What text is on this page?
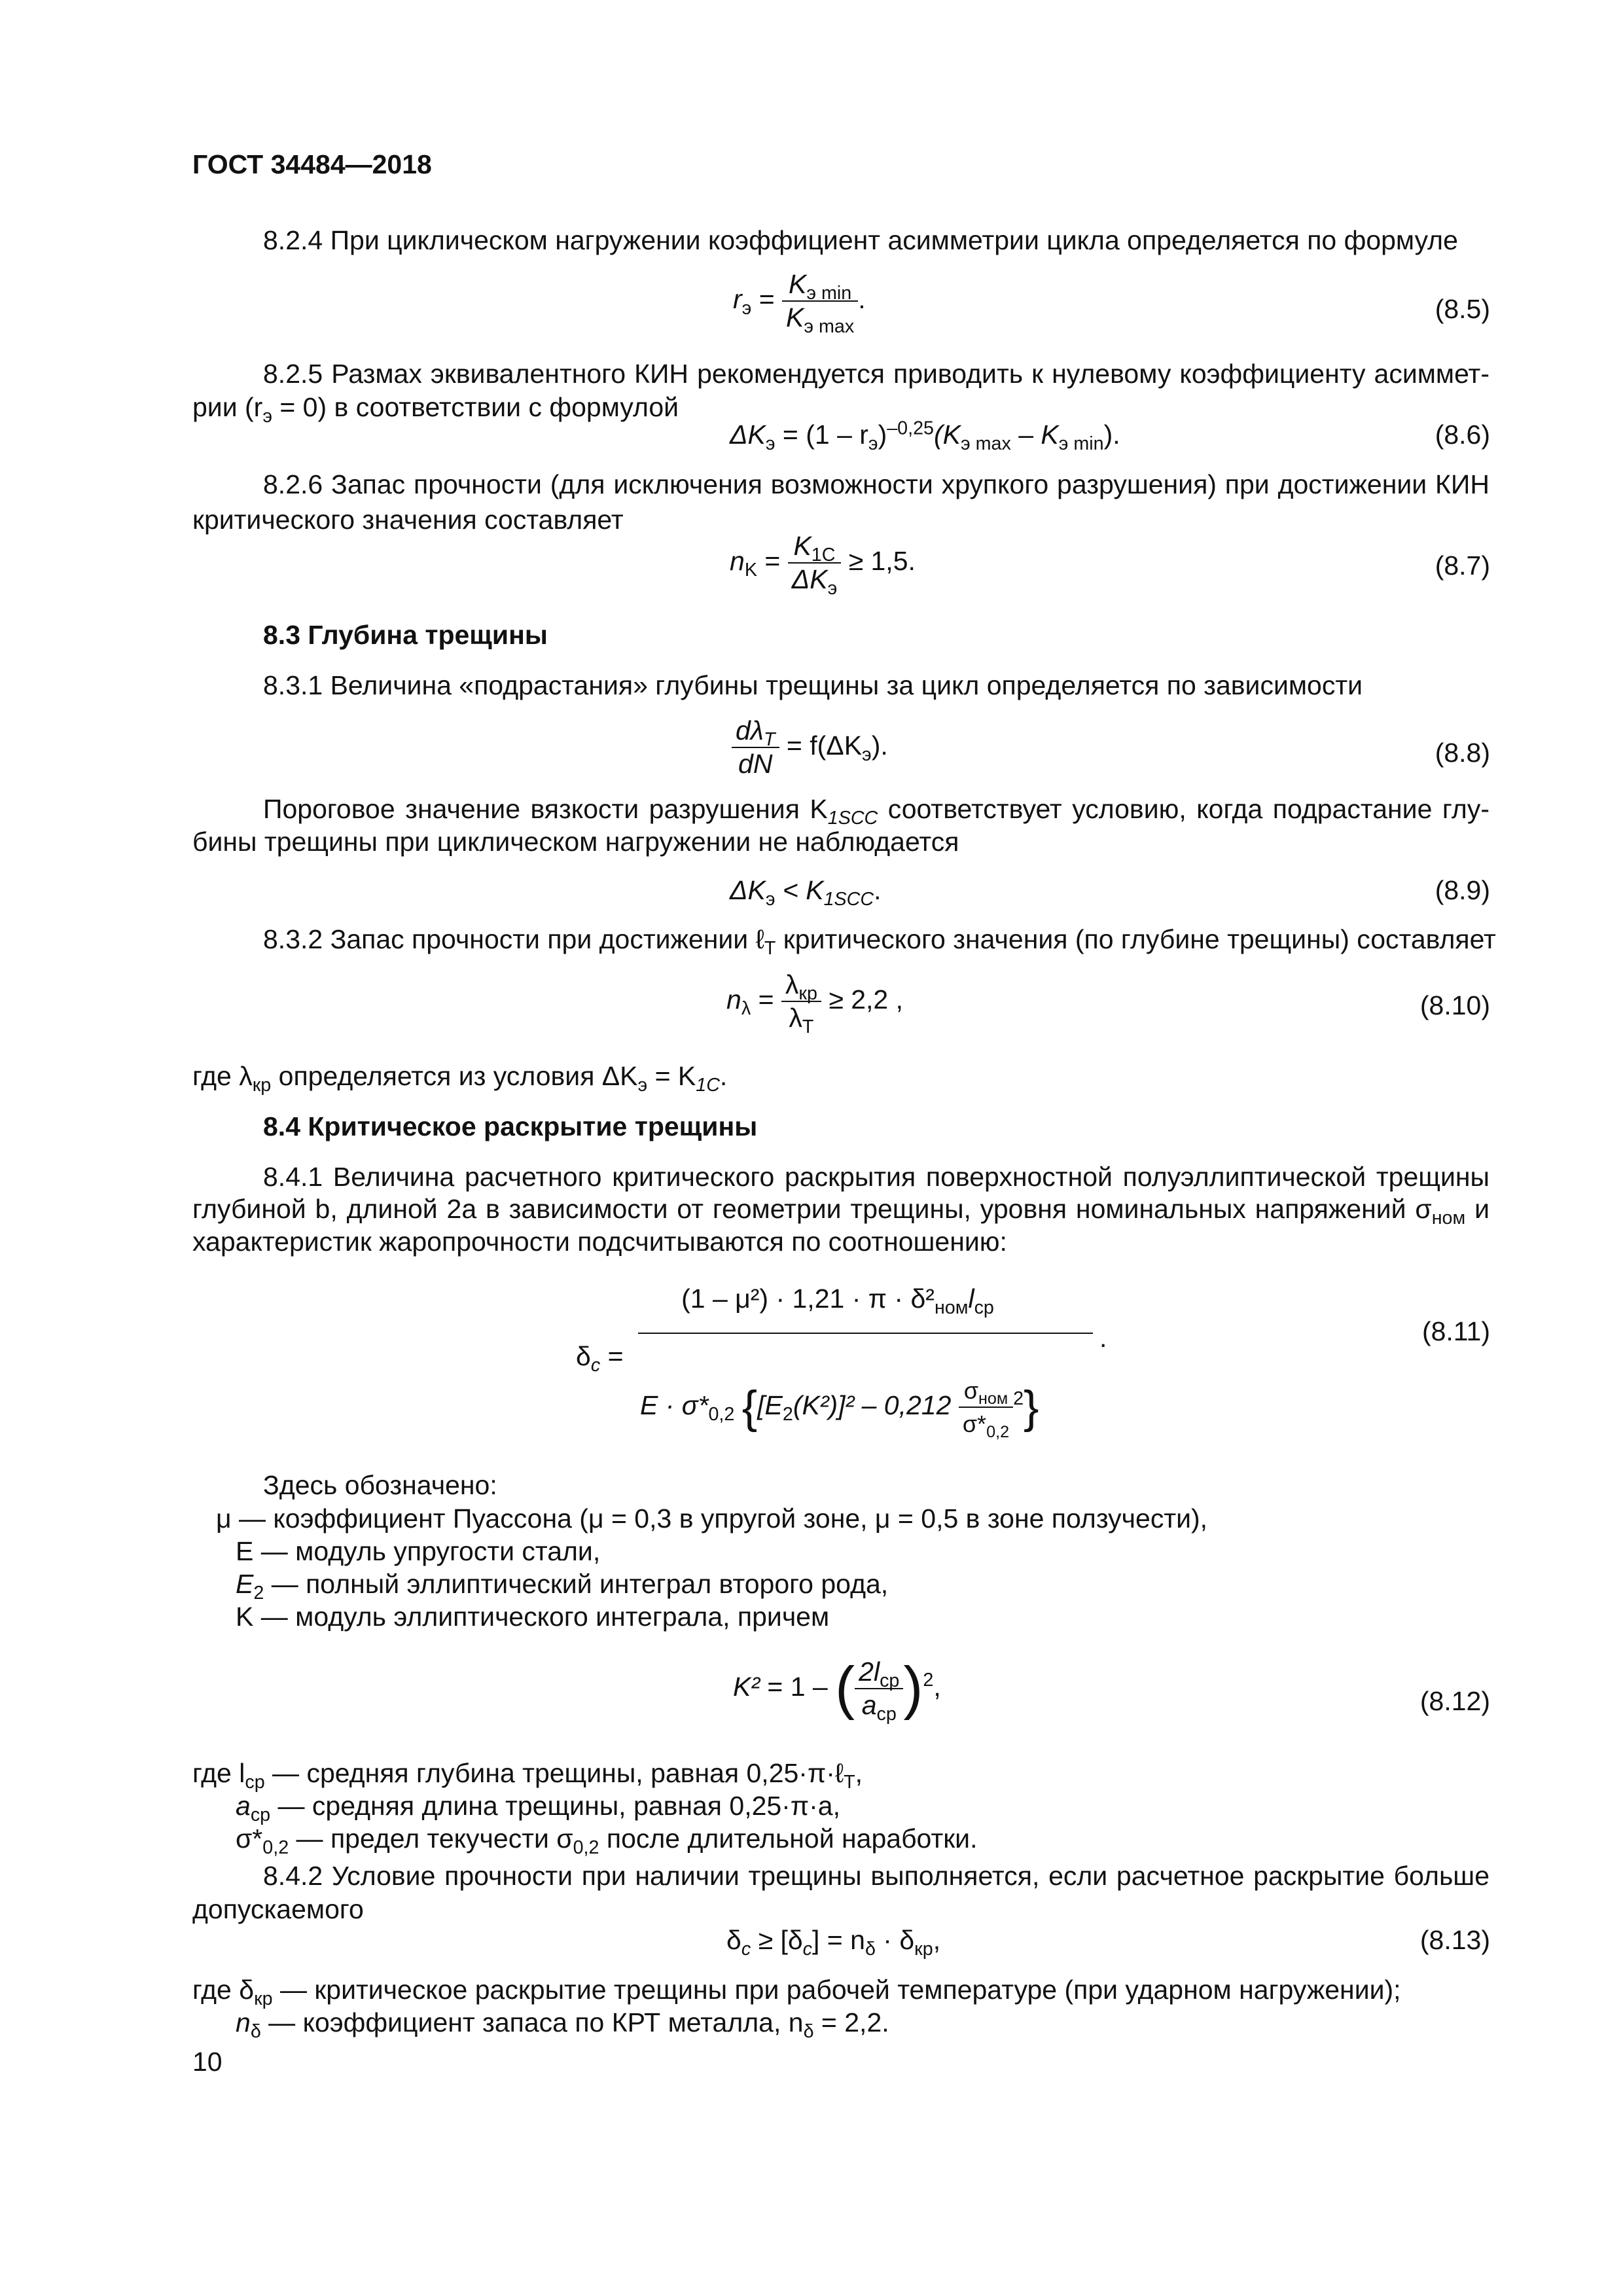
ГОСТ 34484—2018
8.2.4 При циклическом нагружении коэффициент асимметрии цикла определяется по формуле
$r_э = \frac{K_{э min}}{K_{э max}}$ .	(8.5)
8.2.5 Размах эквивалентного КИН рекомендуется приводить к нулевому коэффициенту асиммет-
рии $(r_э = 0)$ в соответствии с формулой
$\Delta K_э = (1 - r_э)^{-0,25}(K_{э max} - K_{э min})$.	(8.6)
8.2.6 Запас прочности (для исключения возможности хрупкого разрушения) при достижении КИН
критического значения составляет
$n_K = \frac{K_{1C}}{\Delta K_э} \ge 1,5$.	(8.7)
8.3 Глубина трещины
8.3.1 Величина «подрастания» глубины трещины за цикл определяется по зависимости
$\frac{d\lambda_T}{dN} = f(\Delta K_э)$.	(8.8)
Пороговое значение вязкости разрушения $K_{1SCC}$ соответствует условию, когда подрастание глу-
бины трещины при циклическом нагружении не наблюдается
$\Delta K_э < K_{1SCC}$.	(8.9)
8.3.2 Запас прочности при достижении ℓ$_T$ критического значения (по глубине трещины) составляет
$n_\lambda = \frac{\lambda_{кр}}{\lambda_T} \ge 2,2$ ,	(8.10)
где $\lambda_{кр}$ определяется из условия $\Delta K_э = K_{1C}$.
8.4 Критическое раскрытие трещины
8.4.1 Величина расчетного критического раскрытия поверхностной полуэллиптической трещины
глубиной b, длиной 2a в зависимости от геометрии трещины, уровня номинальных напряжений $\sigma_{ном}$ и
характеристик жаропрочности подсчитываются по соотношению:
$\delta_c$ =
$(1 - \mu^2) \cdot 1,21 \cdot \pi \cdot \delta^2_{ном}l_{ср}$
$E \cdot \sigma*_{0,2}$ $\{[E_2(K^2)]^2 - 0,212 \frac{\sigma_{ном}}{\sigma*_{0,2}} ^2\}$
.	(8.11)
Здесь обозначено:
μ — коэффициент Пуассона (μ = 0,3 в упругой зоне, μ = 0,5 в зоне ползучести),
E — модуль упругости стали,
$E_2$ — полный эллиптический интеграл второго рода,
K — модуль эллиптического интеграла, причем
K² = 1 – ( $\frac{2l_{ср}}{a_{ср}} )^2$,	(8.12)
где $l_{ср}$ — средняя глубина трещины, равная 0,25·π·ℓ$_T$,
$a_{ср}$ — средняя длина трещины, равная 0,25·π·a,
$\sigma*_{0,2}$ — предел текучести $\sigma_{0,2}$ после длительной наработки.
8.4.2 Условие прочности при наличии трещины выполняется, если расчетное раскрытие больше
допускаемого
$\delta_c \ge [\delta_c] = n_\delta \cdot \delta_{кр}$,	(8.13)
где $\delta_{кр}$ — критическое раскрытие трещины при рабочей температуре (при ударном нагружении);
$n_\delta$ — коэффициент запаса по КРТ металла, $n_\delta = 2,2$.
10
